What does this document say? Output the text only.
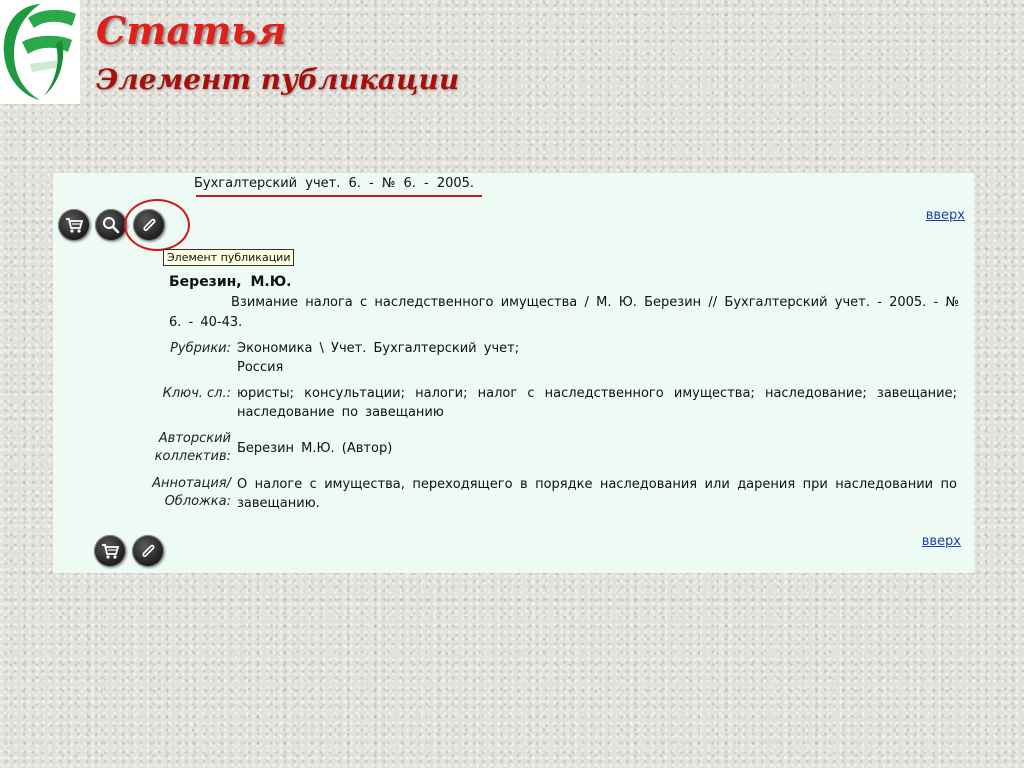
Статья
Элемент публикации
Бухгалтерский учет. 6. - № 6. - 2005.
Элемент публикации
вверх
Березин, М.Ю.
Взимание налога с наследственного имущества / М. Ю. Березин // Бухгалтерский учет. - 2005. - № 6. - 40-43.
Рубрики: Экономика \ Учет. Бухгалтерский учет;
Россия
Ключ. сл.: юристы; консультации; налоги; налог с наследственного имущества; наследование; завещание; наследование по завещанию
Авторский
коллектив:
Березин М.Ю. (Автор)
Аннотация/
Обложка:
О налоге с имущества, переходящего в порядке наследования или дарения при наследовании по завещанию.
вверх
